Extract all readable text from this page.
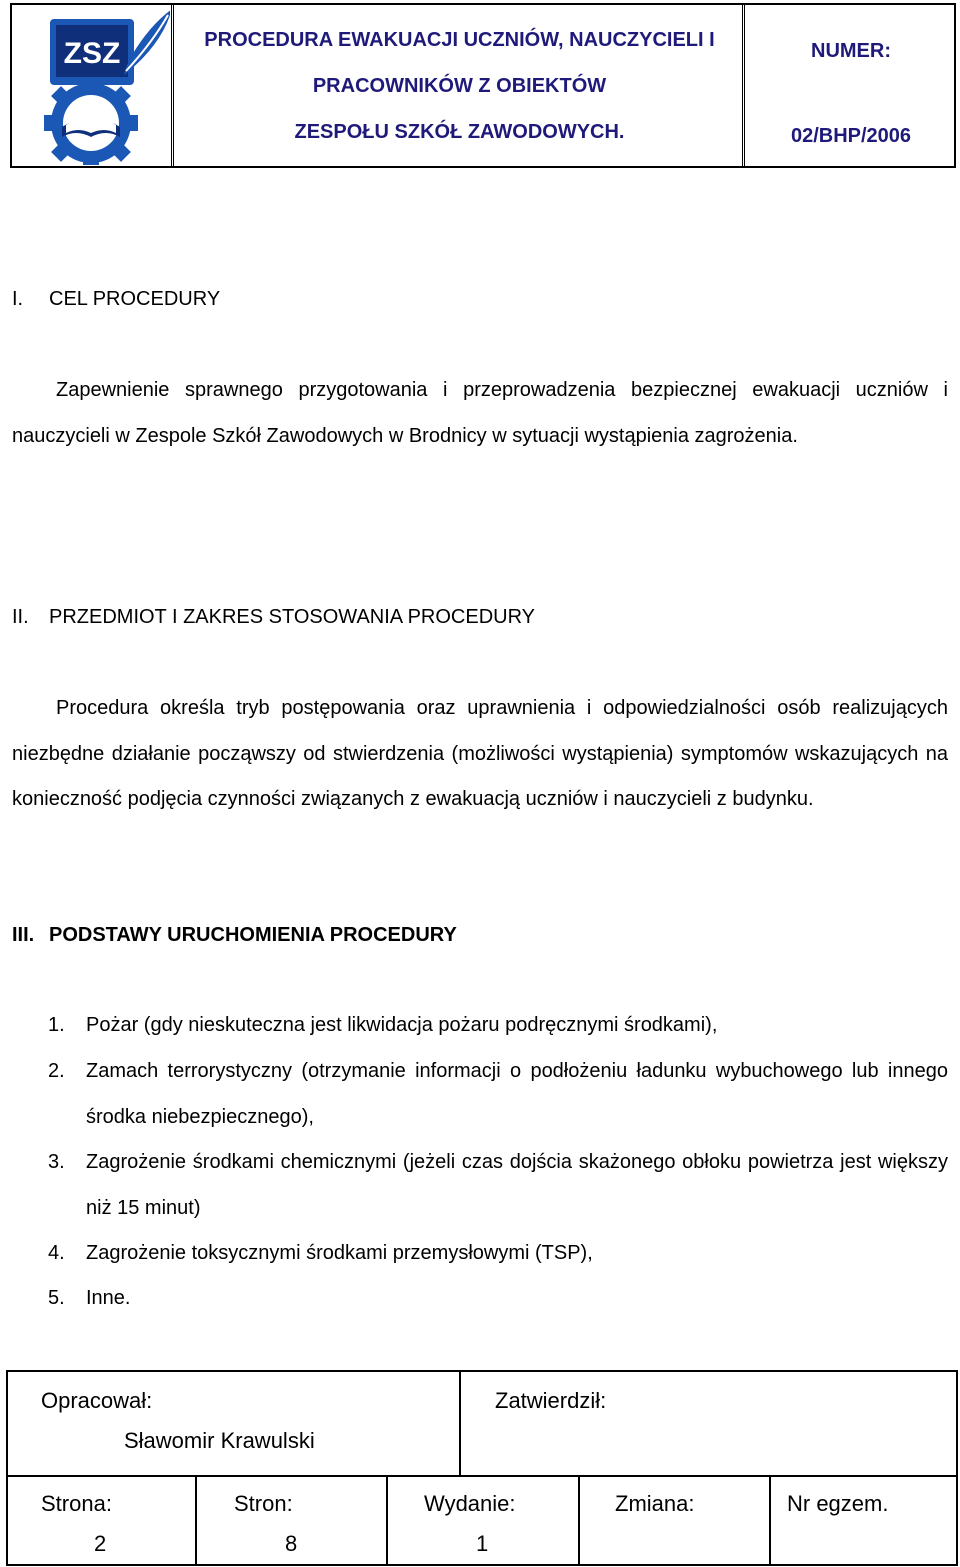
ZSZ	PROCEDURA EWAKUACJI UCZNIÓW, NAUCZYCIELI I
PRACOWNIKÓW Z OBIEKTÓW
ZESPOŁU SZKÓŁ ZAWODOWYCH.
NUMER:
02/BHP/2006
I. CEL PROCEDURY

Zapewnienie sprawnego przygotowania i przeprowadzenia bezpiecznej ewakuacji uczniów i nauczycieli w Zespole Szkół Zawodowych w Brodnicy w sytuacji wystąpienia zagrożenia.

II. PRZEDMIOT I ZAKRES STOSOWANIA PROCEDURY

Procedura określa tryb postępowania oraz uprawnienia i odpowiedzialności osób realizujących niezbędne działanie począwszy od stwierdzenia (możliwości wystąpienia) symptomów wskazujących na konieczność podjęcia czynności związanych z ewakuacją uczniów i nauczycieli z budynku.

III. PODSTAWY URUCHOMIENIA PROCEDURY
1. Pożar (gdy nieskuteczna jest likwidacja pożaru podręcznymi środkami),
2. Zamach terrorystyczny (otrzymanie informacji o podłożeniu ładunku wybuchowego lub innego środka niebezpiecznego),
3. Zagrożenie środkami chemicznymi (jeżeli czas dojścia skażonego obłoku powietrza jest większy niż 15 minut)
4. Zagrożenie toksycznymi środkami przemysłowymi (TSP),
5. Inne.
Opracował:
Sławomir Krawulski
Zatwierdził:
Strona:
2
Stron:
8
Wydanie:
1
Zmiana:	Nr egzem.
